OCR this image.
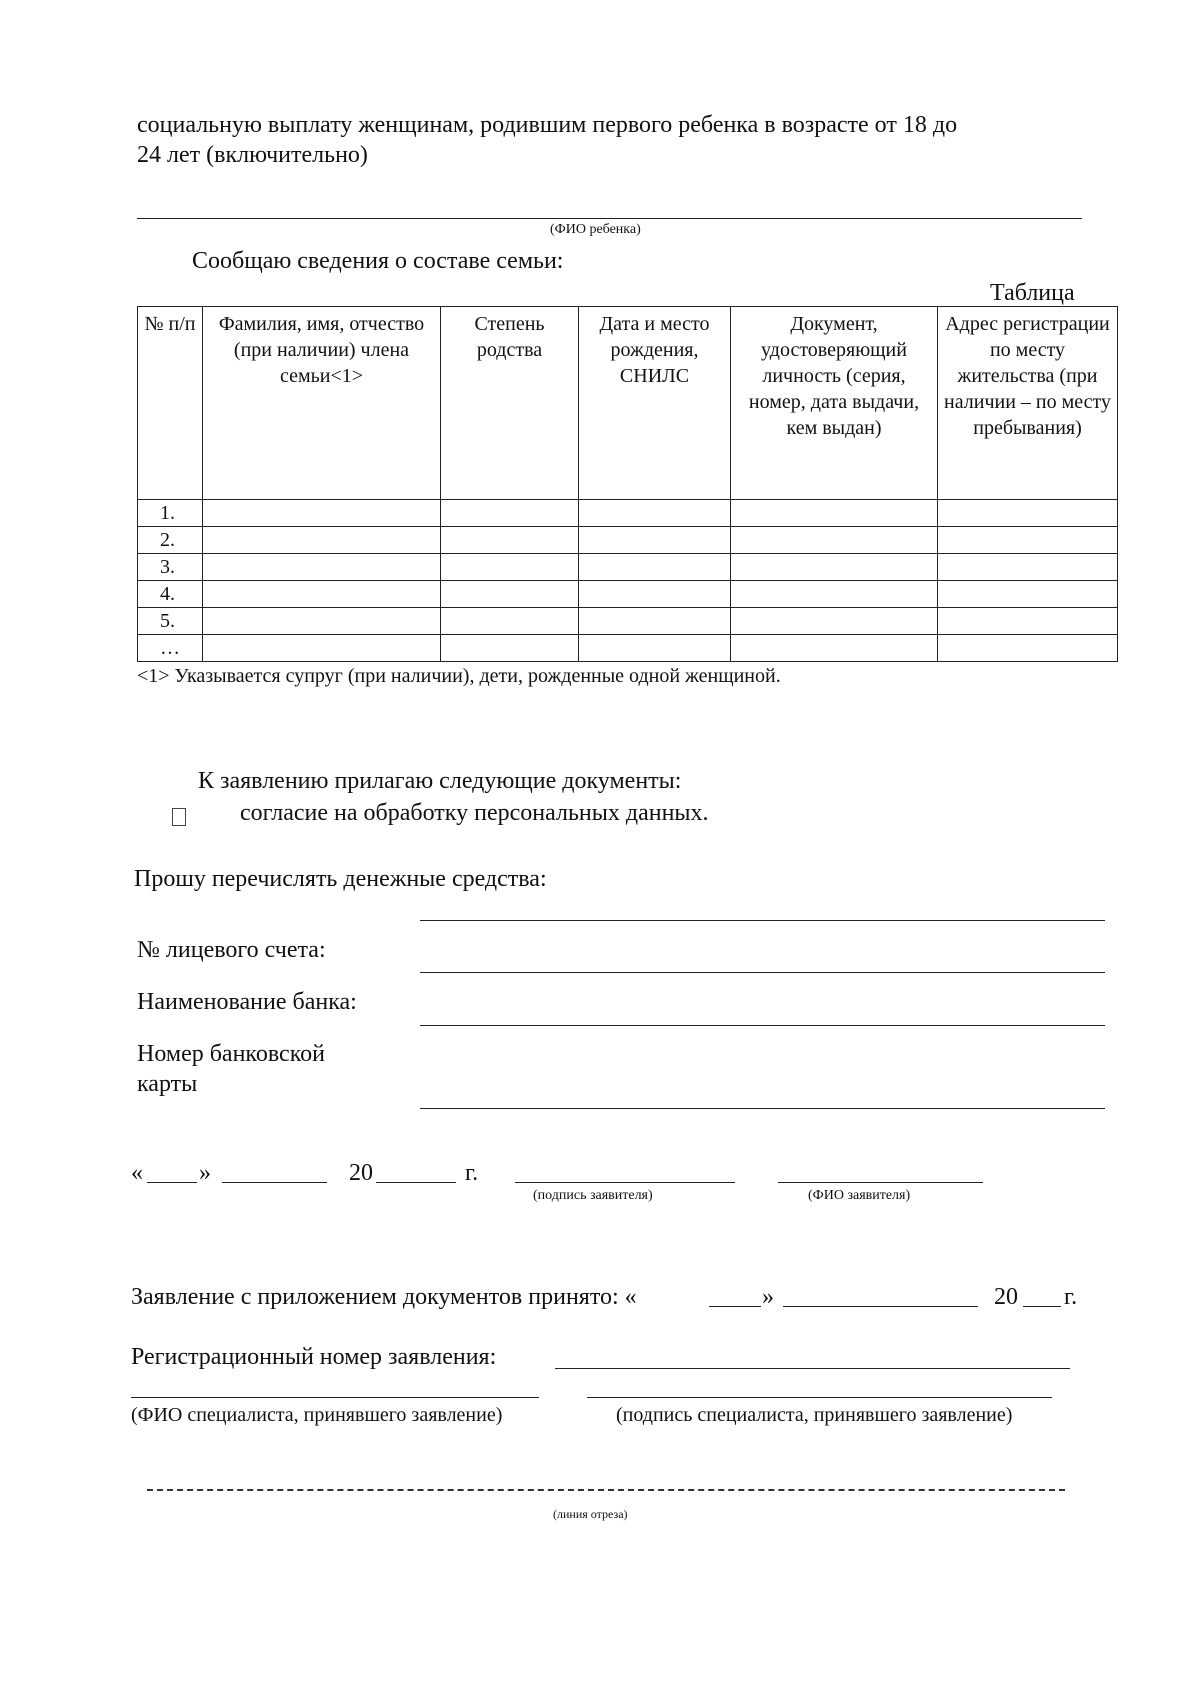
социальную выплату женщинам, родившим первого ребенка в возрасте от 18 до
24 лет (включительно)
(ФИО ребенка)
Сообщаю сведения о составе семьи:
Таблица
№ п/п	Фамилия, имя, отчество (при наличии) члена семьи<1>	Степень родства	Дата и место рождения, СНИЛС	Документ, удостоверяющий личность (серия, номер, дата выдачи, кем выдан)	Адрес регистрации по месту жительства (при наличии – по месту пребывания)
1.					
2.					
3.					
4.					
5.					
…					
<1> Указывается супруг (при наличии), дети, рожденные одной женщиной.
К заявлению прилагаю следующие документы:
согласие на обработку персональных данных.
Прошу перечислять денежные средства:
№ лицевого счета:
Наименование банка:
Номер банковской
карты
« »	20	г.
(подпись заявителя)	(ФИО заявителя)
Заявление с приложением документов принято: «	»	20 г.
Регистрационный номер заявления:
(ФИО специалиста, принявшего заявление)	(подпись специалиста, принявшего заявление)
(линия отреза)
